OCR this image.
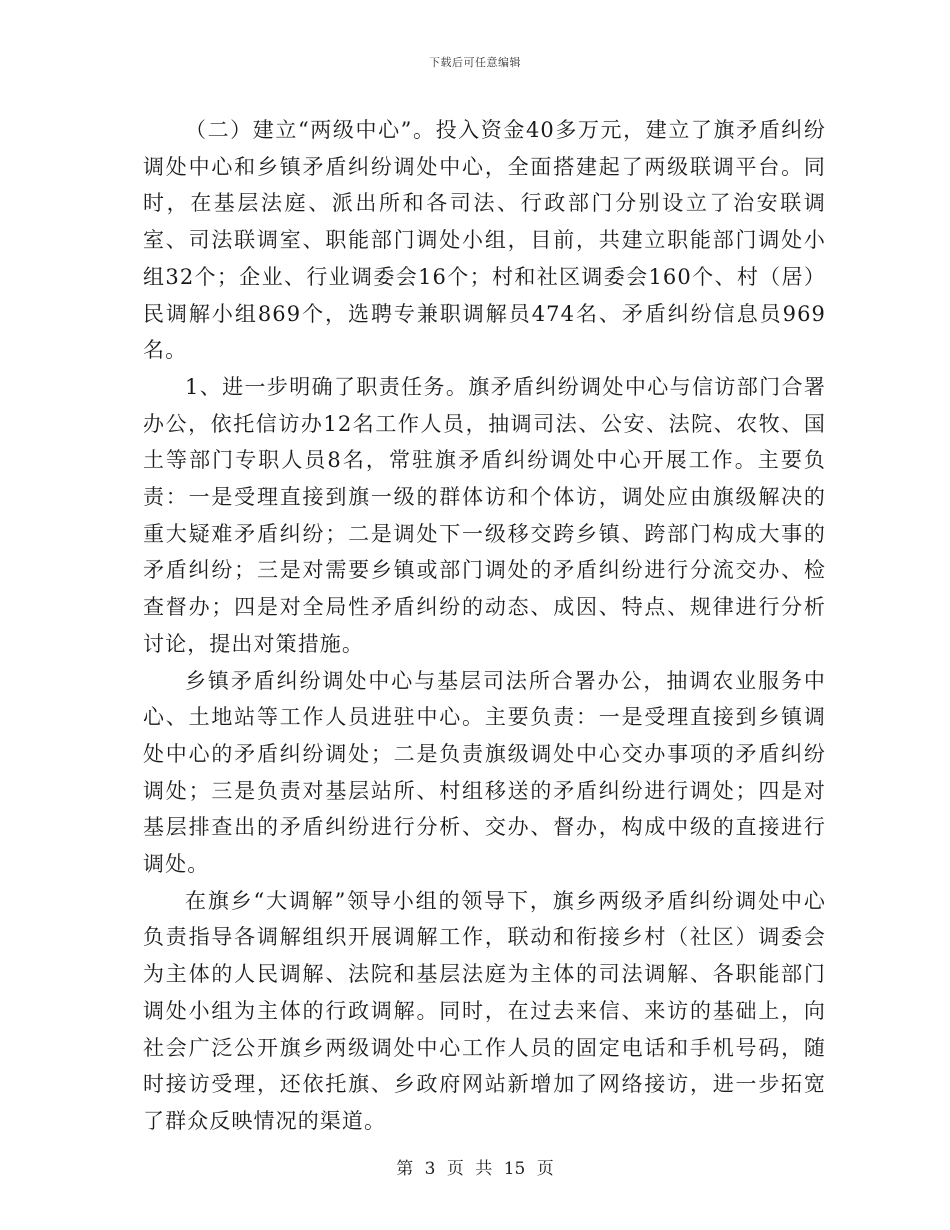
下载后可任意编辑

（二）建立“两级中心”。投入资金40多万元，建立了旗矛盾纠纷调处中心和乡镇矛盾纠纷调处中心，全面搭建起了两级联调平台。同时，在基层法庭、派出所和各司法、行政部门分别设立了治安联调室、司法联调室、职能部门调处小组，目前，共建立职能部门调处小组32个；企业、行业调委会16个；村和社区调委会160个、村（居）民调解小组869个，选聘专兼职调解员474名、矛盾纠纷信息员969名。

1、进一步明确了职责任务。旗矛盾纠纷调处中心与信访部门合署办公，依托信访办12名工作人员，抽调司法、公安、法院、农牧、国土等部门专职人员8名，常驻旗矛盾纠纷调处中心开展工作。主要负责：一是受理直接到旗一级的群体访和个体访，调处应由旗级解决的重大疑难矛盾纠纷；二是调处下一级移交跨乡镇、跨部门构成大事的矛盾纠纷；三是对需要乡镇或部门调处的矛盾纠纷进行分流交办、检查督办；四是对全局性矛盾纠纷的动态、成因、特点、规律进行分析讨论，提出对策措施。

乡镇矛盾纠纷调处中心与基层司法所合署办公，抽调农业服务中心、土地站等工作人员进驻中心。主要负责：一是受理直接到乡镇调处中心的矛盾纠纷调处；二是负责旗级调处中心交办事项的矛盾纠纷调处；三是负责对基层站所、村组移送的矛盾纠纷进行调处；四是对基层排查出的矛盾纠纷进行分析、交办、督办，构成中级的直接进行调处。

在旗乡“大调解”领导小组的领导下，旗乡两级矛盾纠纷调处中心负责指导各调解组织开展调解工作，联动和衔接乡村（社区）调委会为主体的人民调解、法院和基层法庭为主体的司法调解、各职能部门调处小组为主体的行政调解。同时，在过去来信、来访的基础上，向社会广泛公开旗乡两级调处中心工作人员的固定电话和手机号码，随时接访受理，还依托旗、乡政府网站新增加了网络接访，进一步拓宽了群众反映情况的渠道。

第 3 页 共 15 页
